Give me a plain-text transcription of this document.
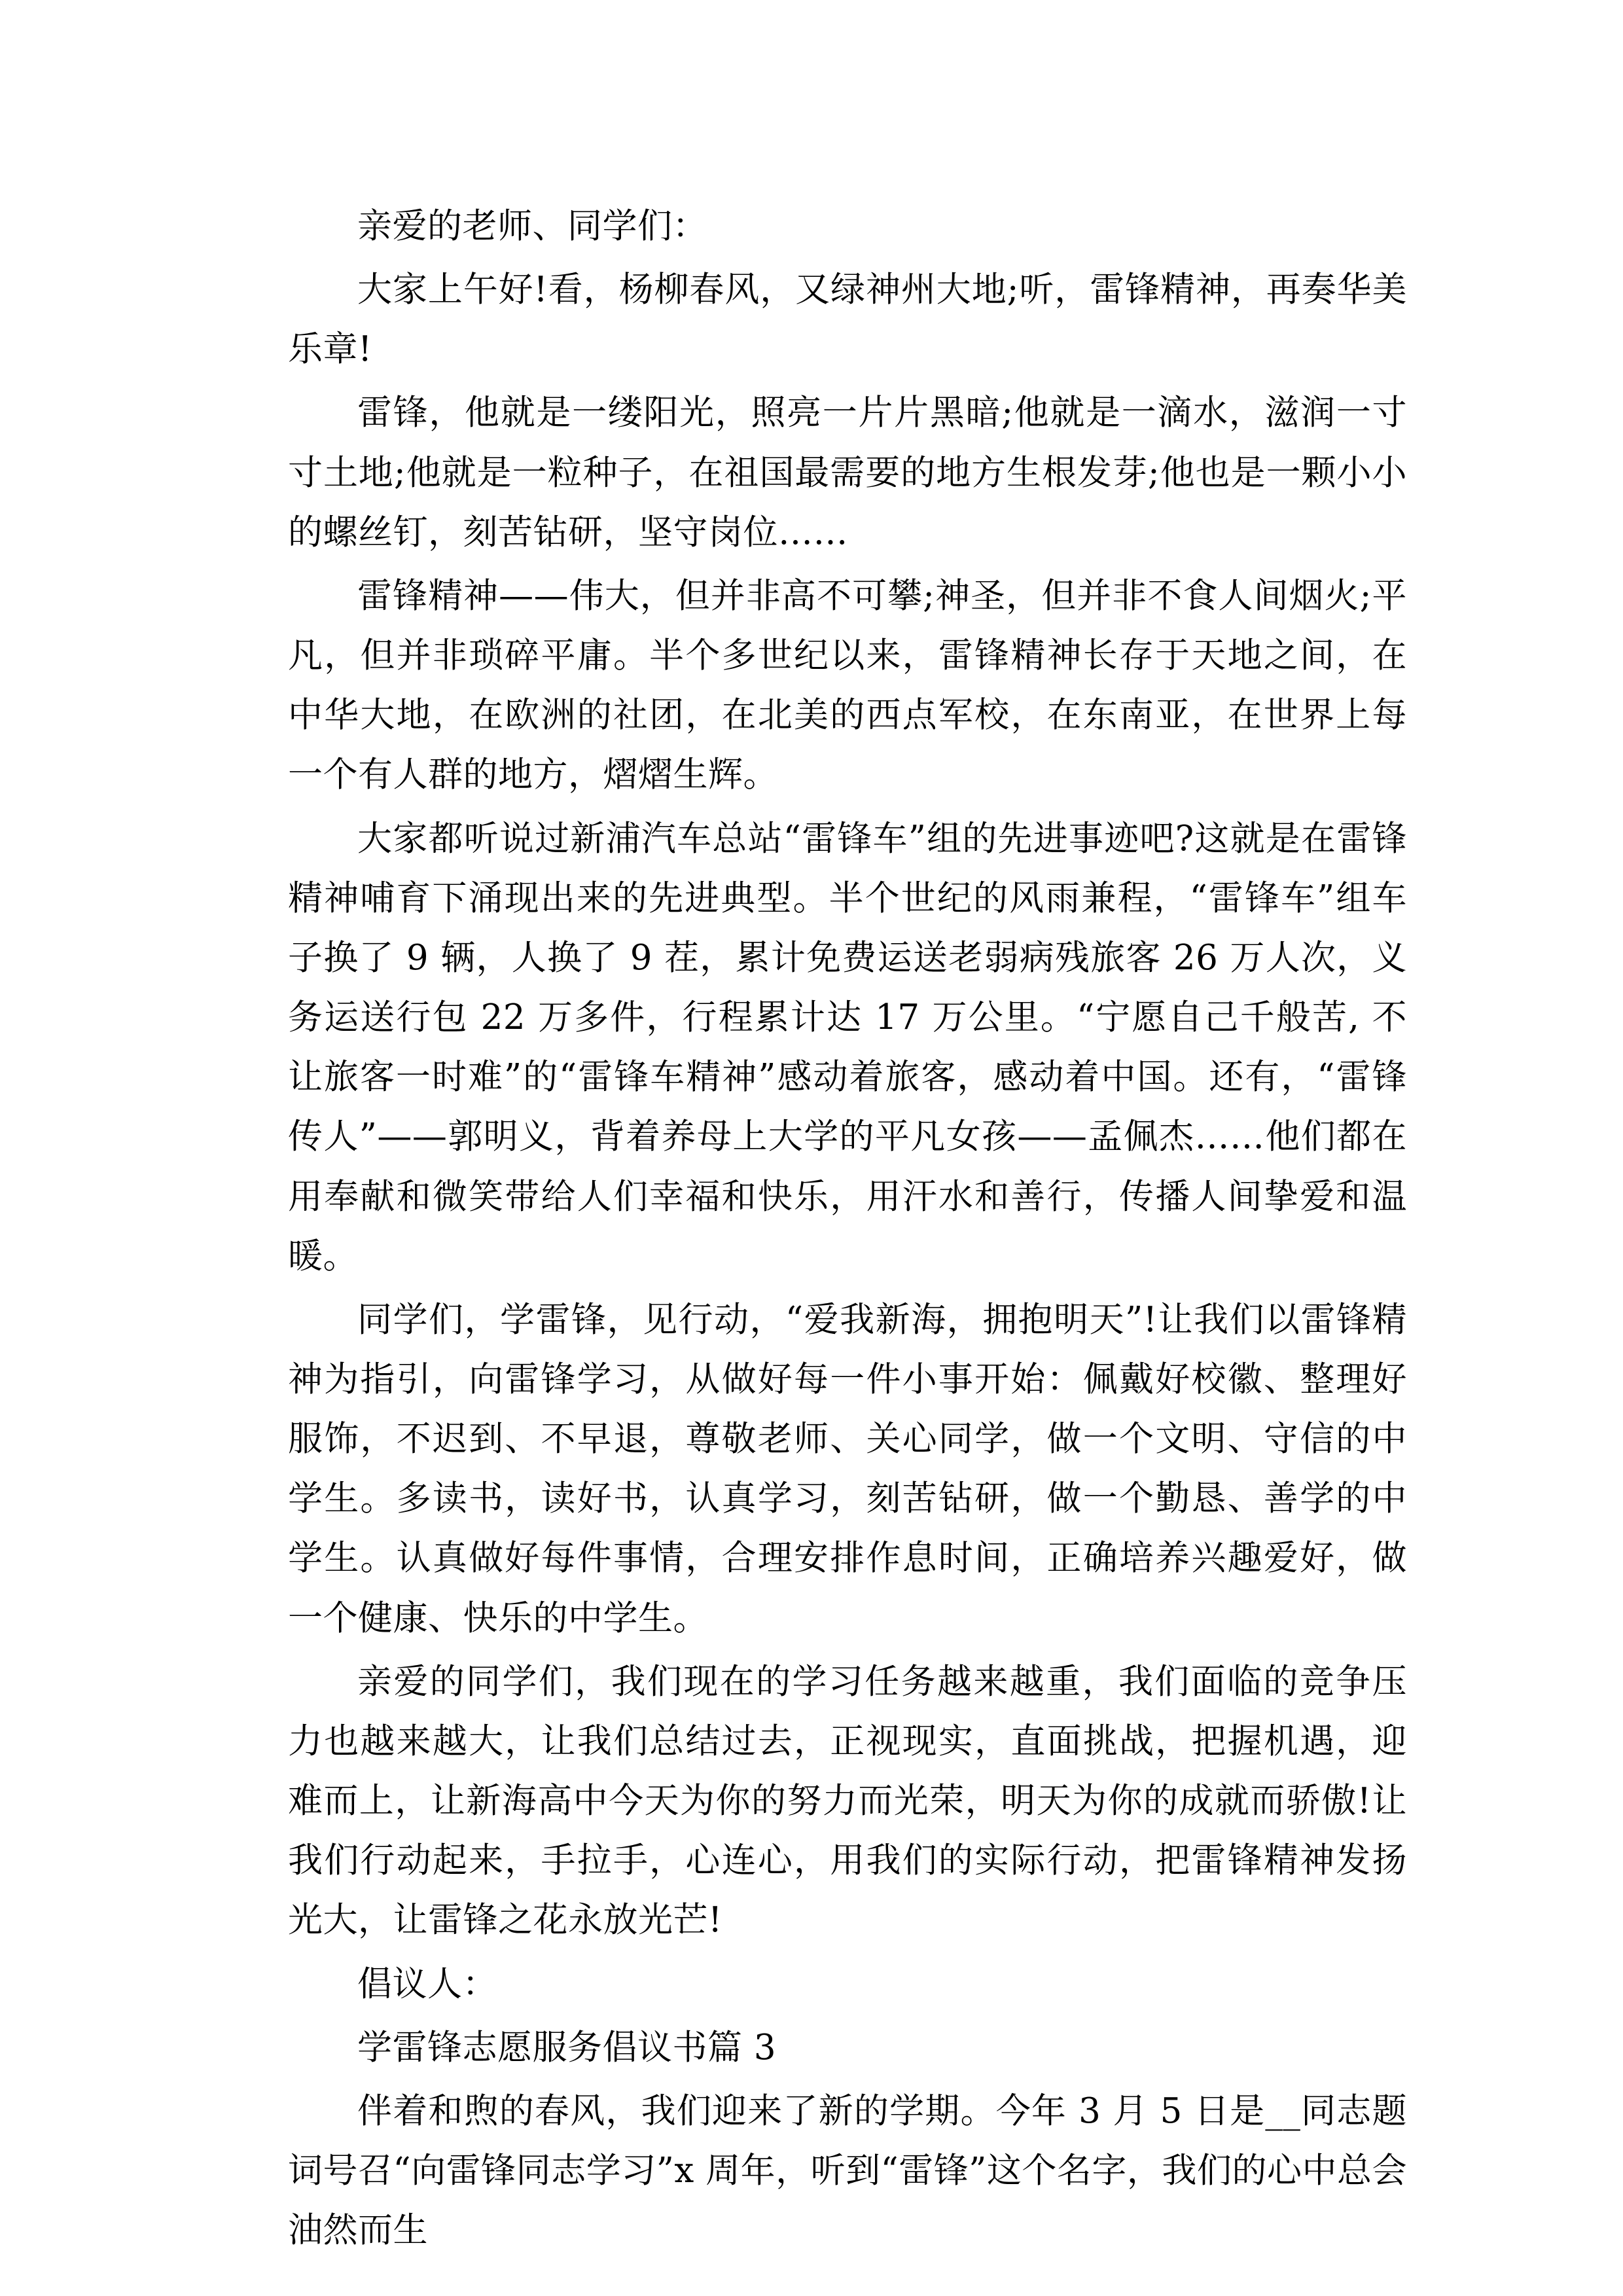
亲爱的老师、同学们：

大家上午好!看，杨柳春风，又绿神州大地;听，雷锋精神，再奏华美乐章!

雷锋，他就是一缕阳光，照亮一片片黑暗;他就是一滴水，滋润一寸寸土地;他就是一粒种子，在祖国最需要的地方生根发芽;他也是一颗小小的螺丝钉，刻苦钻研，坚守岗位……

雷锋精神——伟大，但并非高不可攀;神圣，但并非不食人间烟火;平凡，但并非琐碎平庸。半个多世纪以来，雷锋精神长存于天地之间，在中华大地，在欧洲的社团，在北美的西点军校，在东南亚，在世界上每一个有人群的地方，熠熠生辉。

大家都听说过新浦汽车总站“雷锋车”组的先进事迹吧?这就是在雷锋精神哺育下涌现出来的先进典型。半个世纪的风雨兼程，“雷锋车”组车子换了 9 辆，人换了 9 茬，累计免费运送老弱病残旅客 26 万人次，义务运送行包 22 万多件，行程累计达 17 万公里。“宁愿自己千般苦, 不让旅客一时难”的“雷锋车精神”感动着旅客，感动着中国。还有，“雷锋传人”——郭明义，背着养母上大学的平凡女孩——孟佩杰……他们都在用奉献和微笑带给人们幸福和快乐，用汗水和善行，传播人间挚爱和温暖。

同学们，学雷锋，见行动，“爱我新海，拥抱明天”!让我们以雷锋精神为指引，向雷锋学习，从做好每一件小事开始：佩戴好校徽、整理好服饰，不迟到、不早退，尊敬老师、关心同学，做一个文明、守信的中学生。多读书，读好书，认真学习，刻苦钻研，做一个勤恳、善学的中学生。认真做好每件事情，合理安排作息时间，正确培养兴趣爱好，做一个健康、快乐的中学生。

亲爱的同学们，我们现在的学习任务越来越重，我们面临的竞争压力也越来越大，让我们总结过去，正视现实，直面挑战，把握机遇，迎难而上，让新海高中今天为你的努力而光荣，明天为你的成就而骄傲!让我们行动起来，手拉手，心连心，用我们的实际行动，把雷锋精神发扬光大，让雷锋之花永放光芒!

倡议人：

学雷锋志愿服务倡议书篇 3

伴着和煦的春风，我们迎来了新的学期。今年 3 月 5 日是__同志题词号召“向雷锋同志学习”x 周年，听到“雷锋”这个名字，我们的心中总会油然而生
